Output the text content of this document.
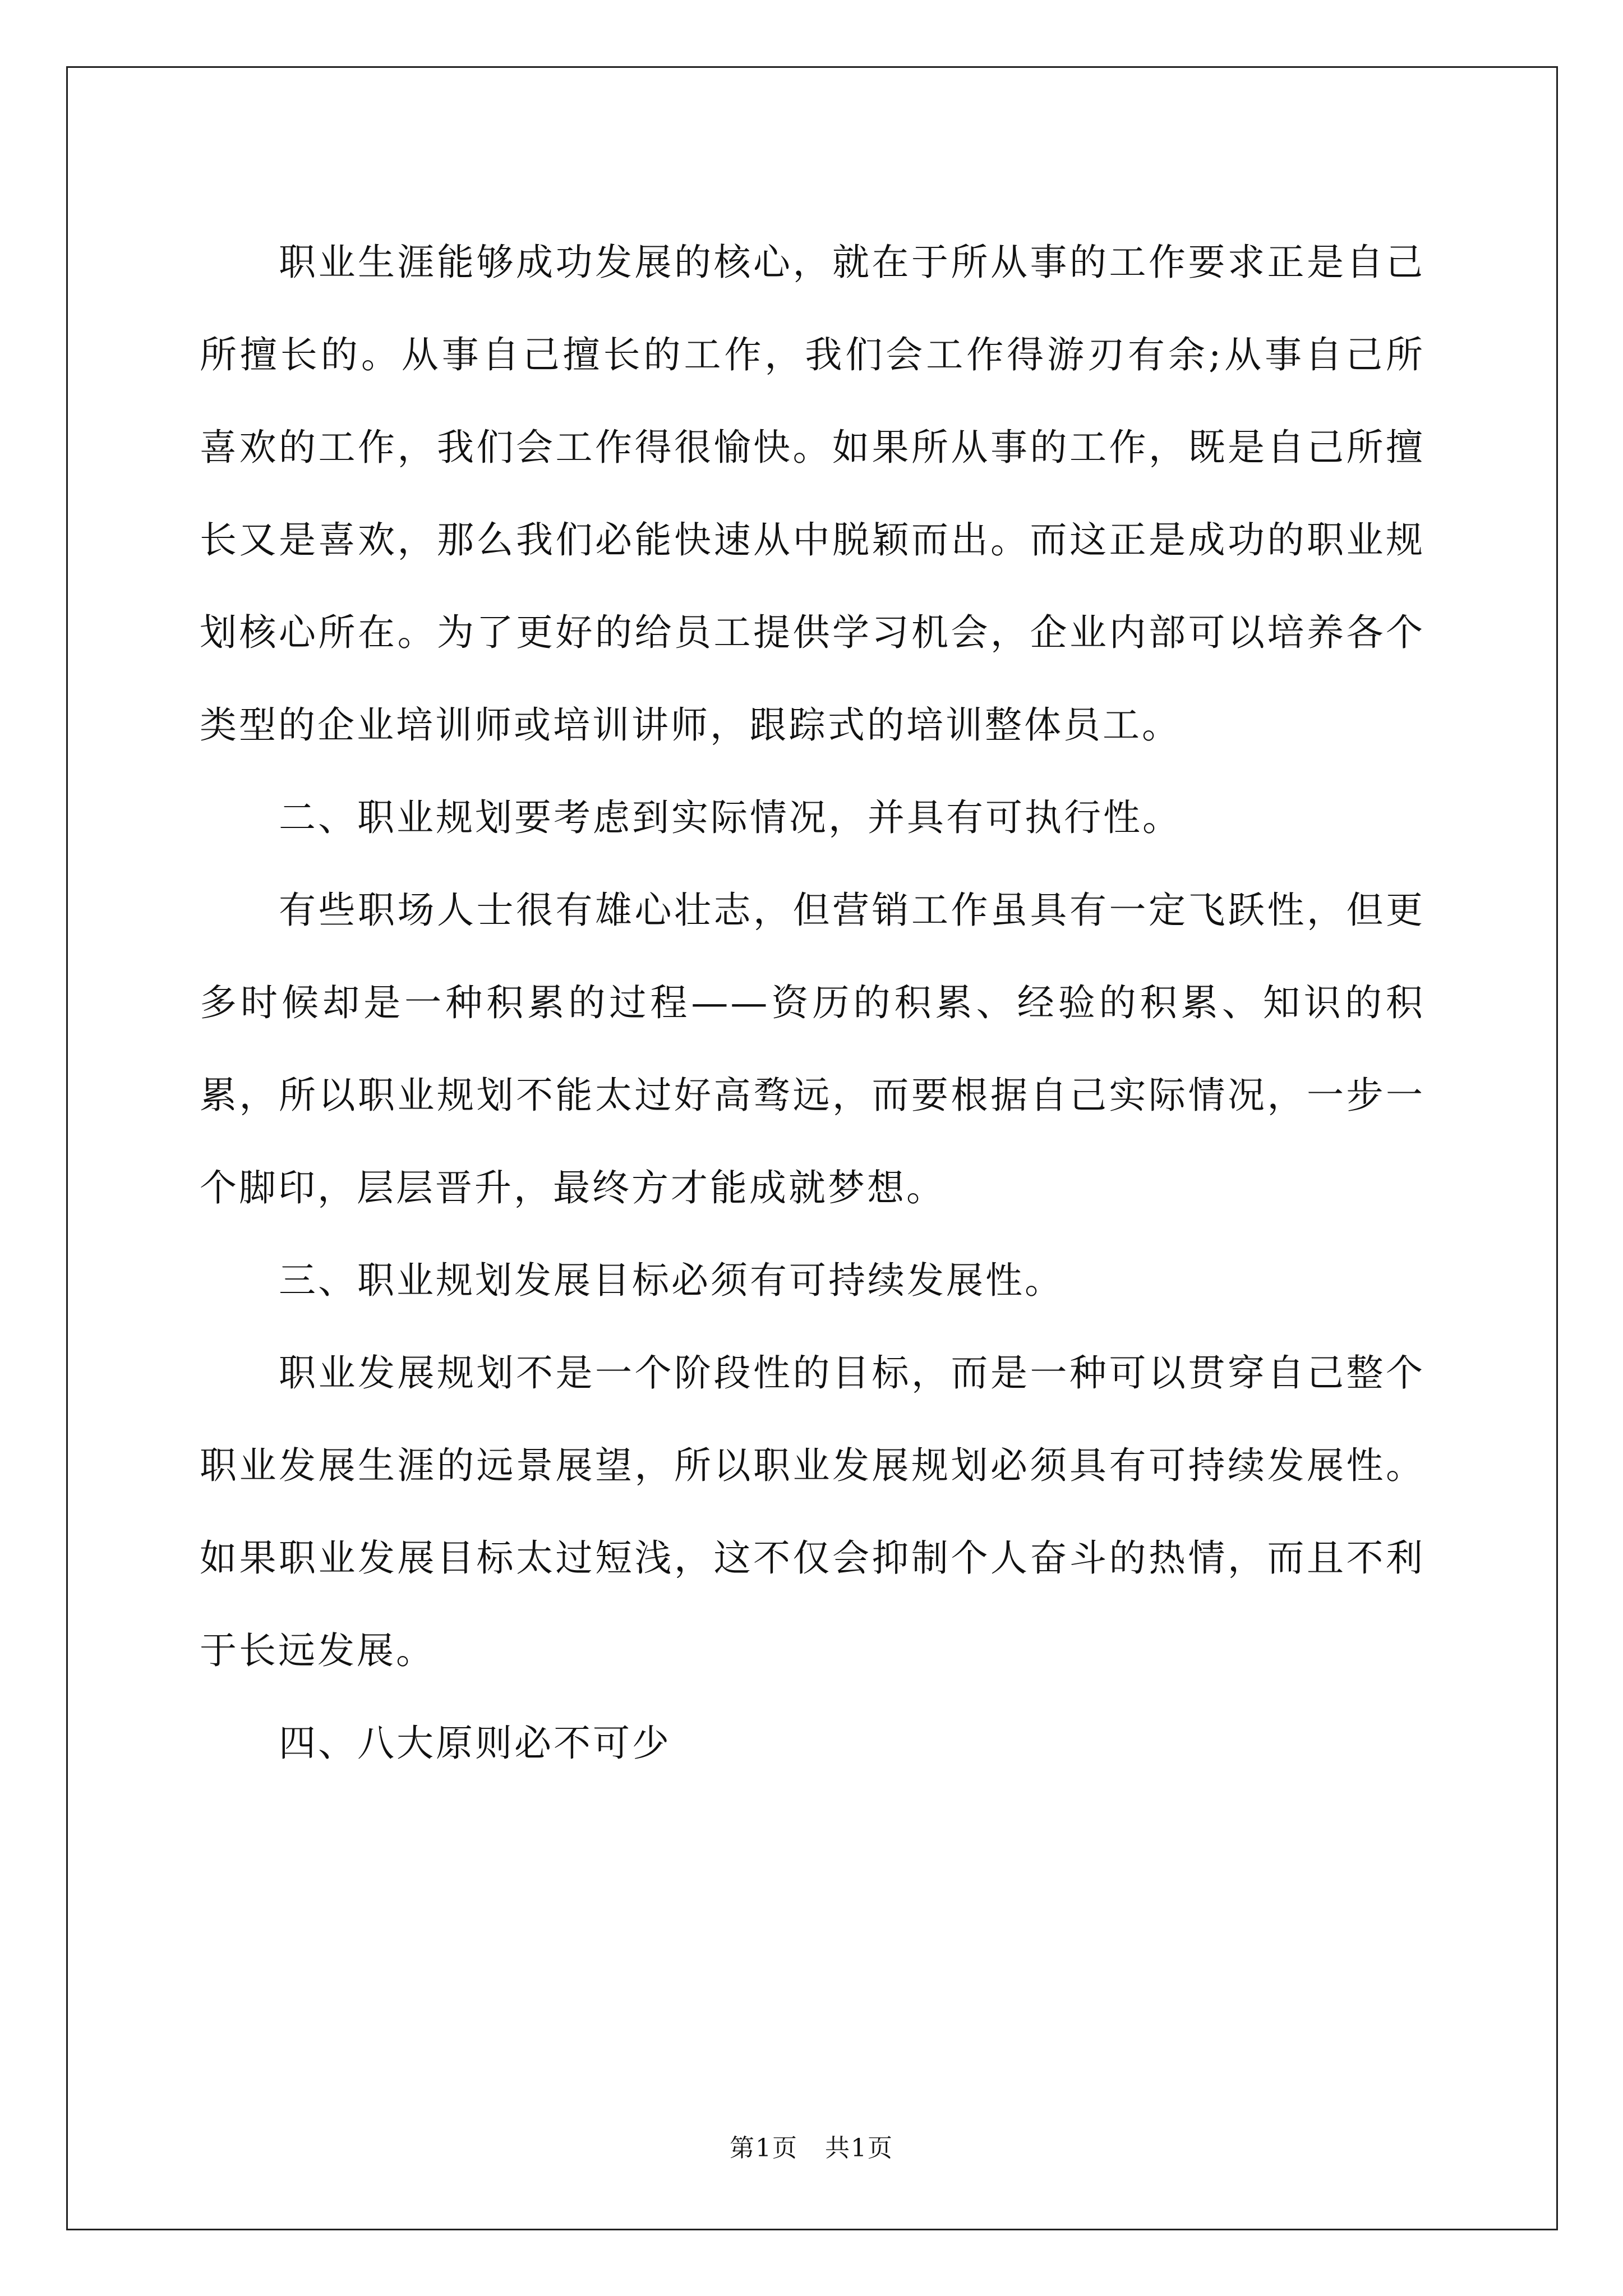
职业生涯能够成功发展的核心，就在于所从事的工作要求正是自己所擅长的。从事自己擅长的工作，我们会工作得游刃有余;从事自己所喜欢的工作，我们会工作得很愉快。如果所从事的工作，既是自己所擅长又是喜欢，那么我们必能快速从中脱颖而出。而这正是成功的职业规划核心所在。为了更好的给员工提供学习机会，企业内部可以培养各个类型的企业培训师或培训讲师，跟踪式的培训整体员工。

二、职业规划要考虑到实际情况，并具有可执行性。

有些职场人士很有雄心壮志，但营销工作虽具有一定飞跃性，但更多时候却是一种积累的过程——资历的积累、经验的积累、知识的积累，所以职业规划不能太过好高骛远，而要根据自己实际情况，一步一个脚印，层层晋升，最终方才能成就梦想。

三、职业规划发展目标必须有可持续发展性。

职业发展规划不是一个阶段性的目标，而是一种可以贯穿自己整个职业发展生涯的远景展望，所以职业发展规划必须具有可持续发展性。如果职业发展目标太过短浅，这不仅会抑制个人奋斗的热情，而且不利于长远发展。

四、八大原则必不可少

第1页 共1页
